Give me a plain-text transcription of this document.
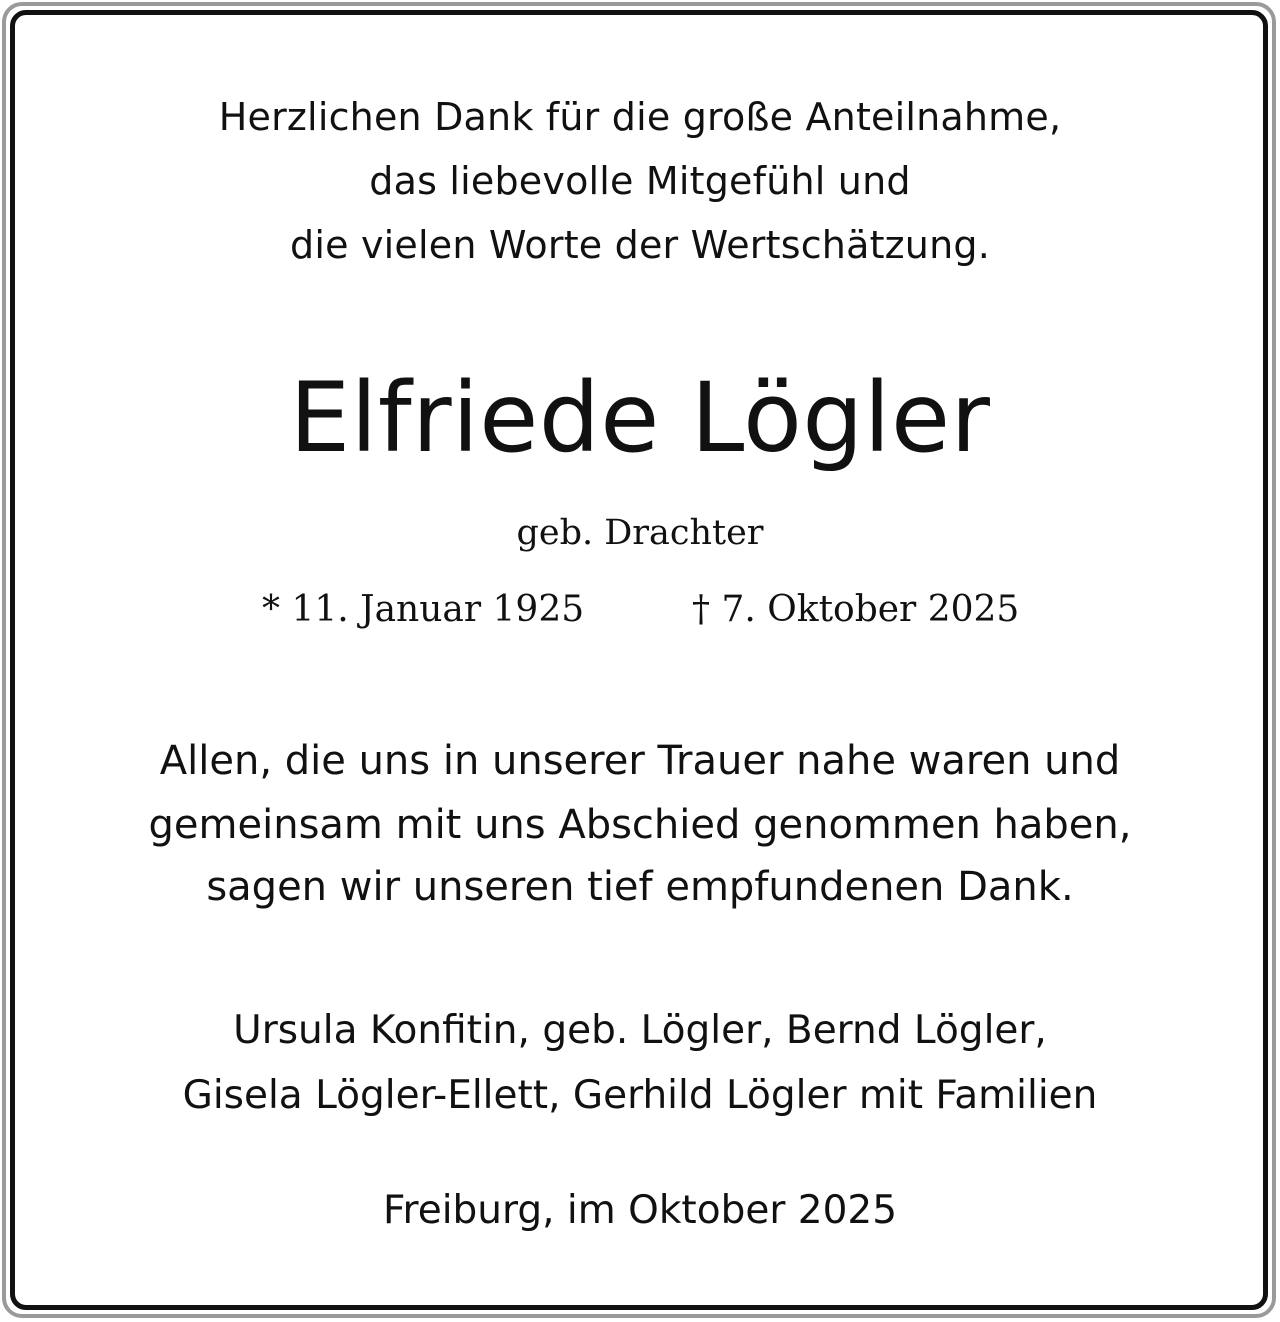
Herzlichen Dank für die große Anteilnahme,
das liebevolle Mitgefühl und
die vielen Worte der Wertschätzung.
Elfriede Lögler
geb. Drachter
* 11. Januar 1925	† 7. Oktober 2025
Allen, die uns in unserer Trauer nahe waren und
gemeinsam mit uns Abschied genommen haben,
sagen wir unseren tief empfundenen Dank.
Ursula Konfitin, geb. Lögler, Bernd Lögler,
Gisela Lögler-Ellett, Gerhild Lögler mit Familien
Freiburg, im Oktober 2025
